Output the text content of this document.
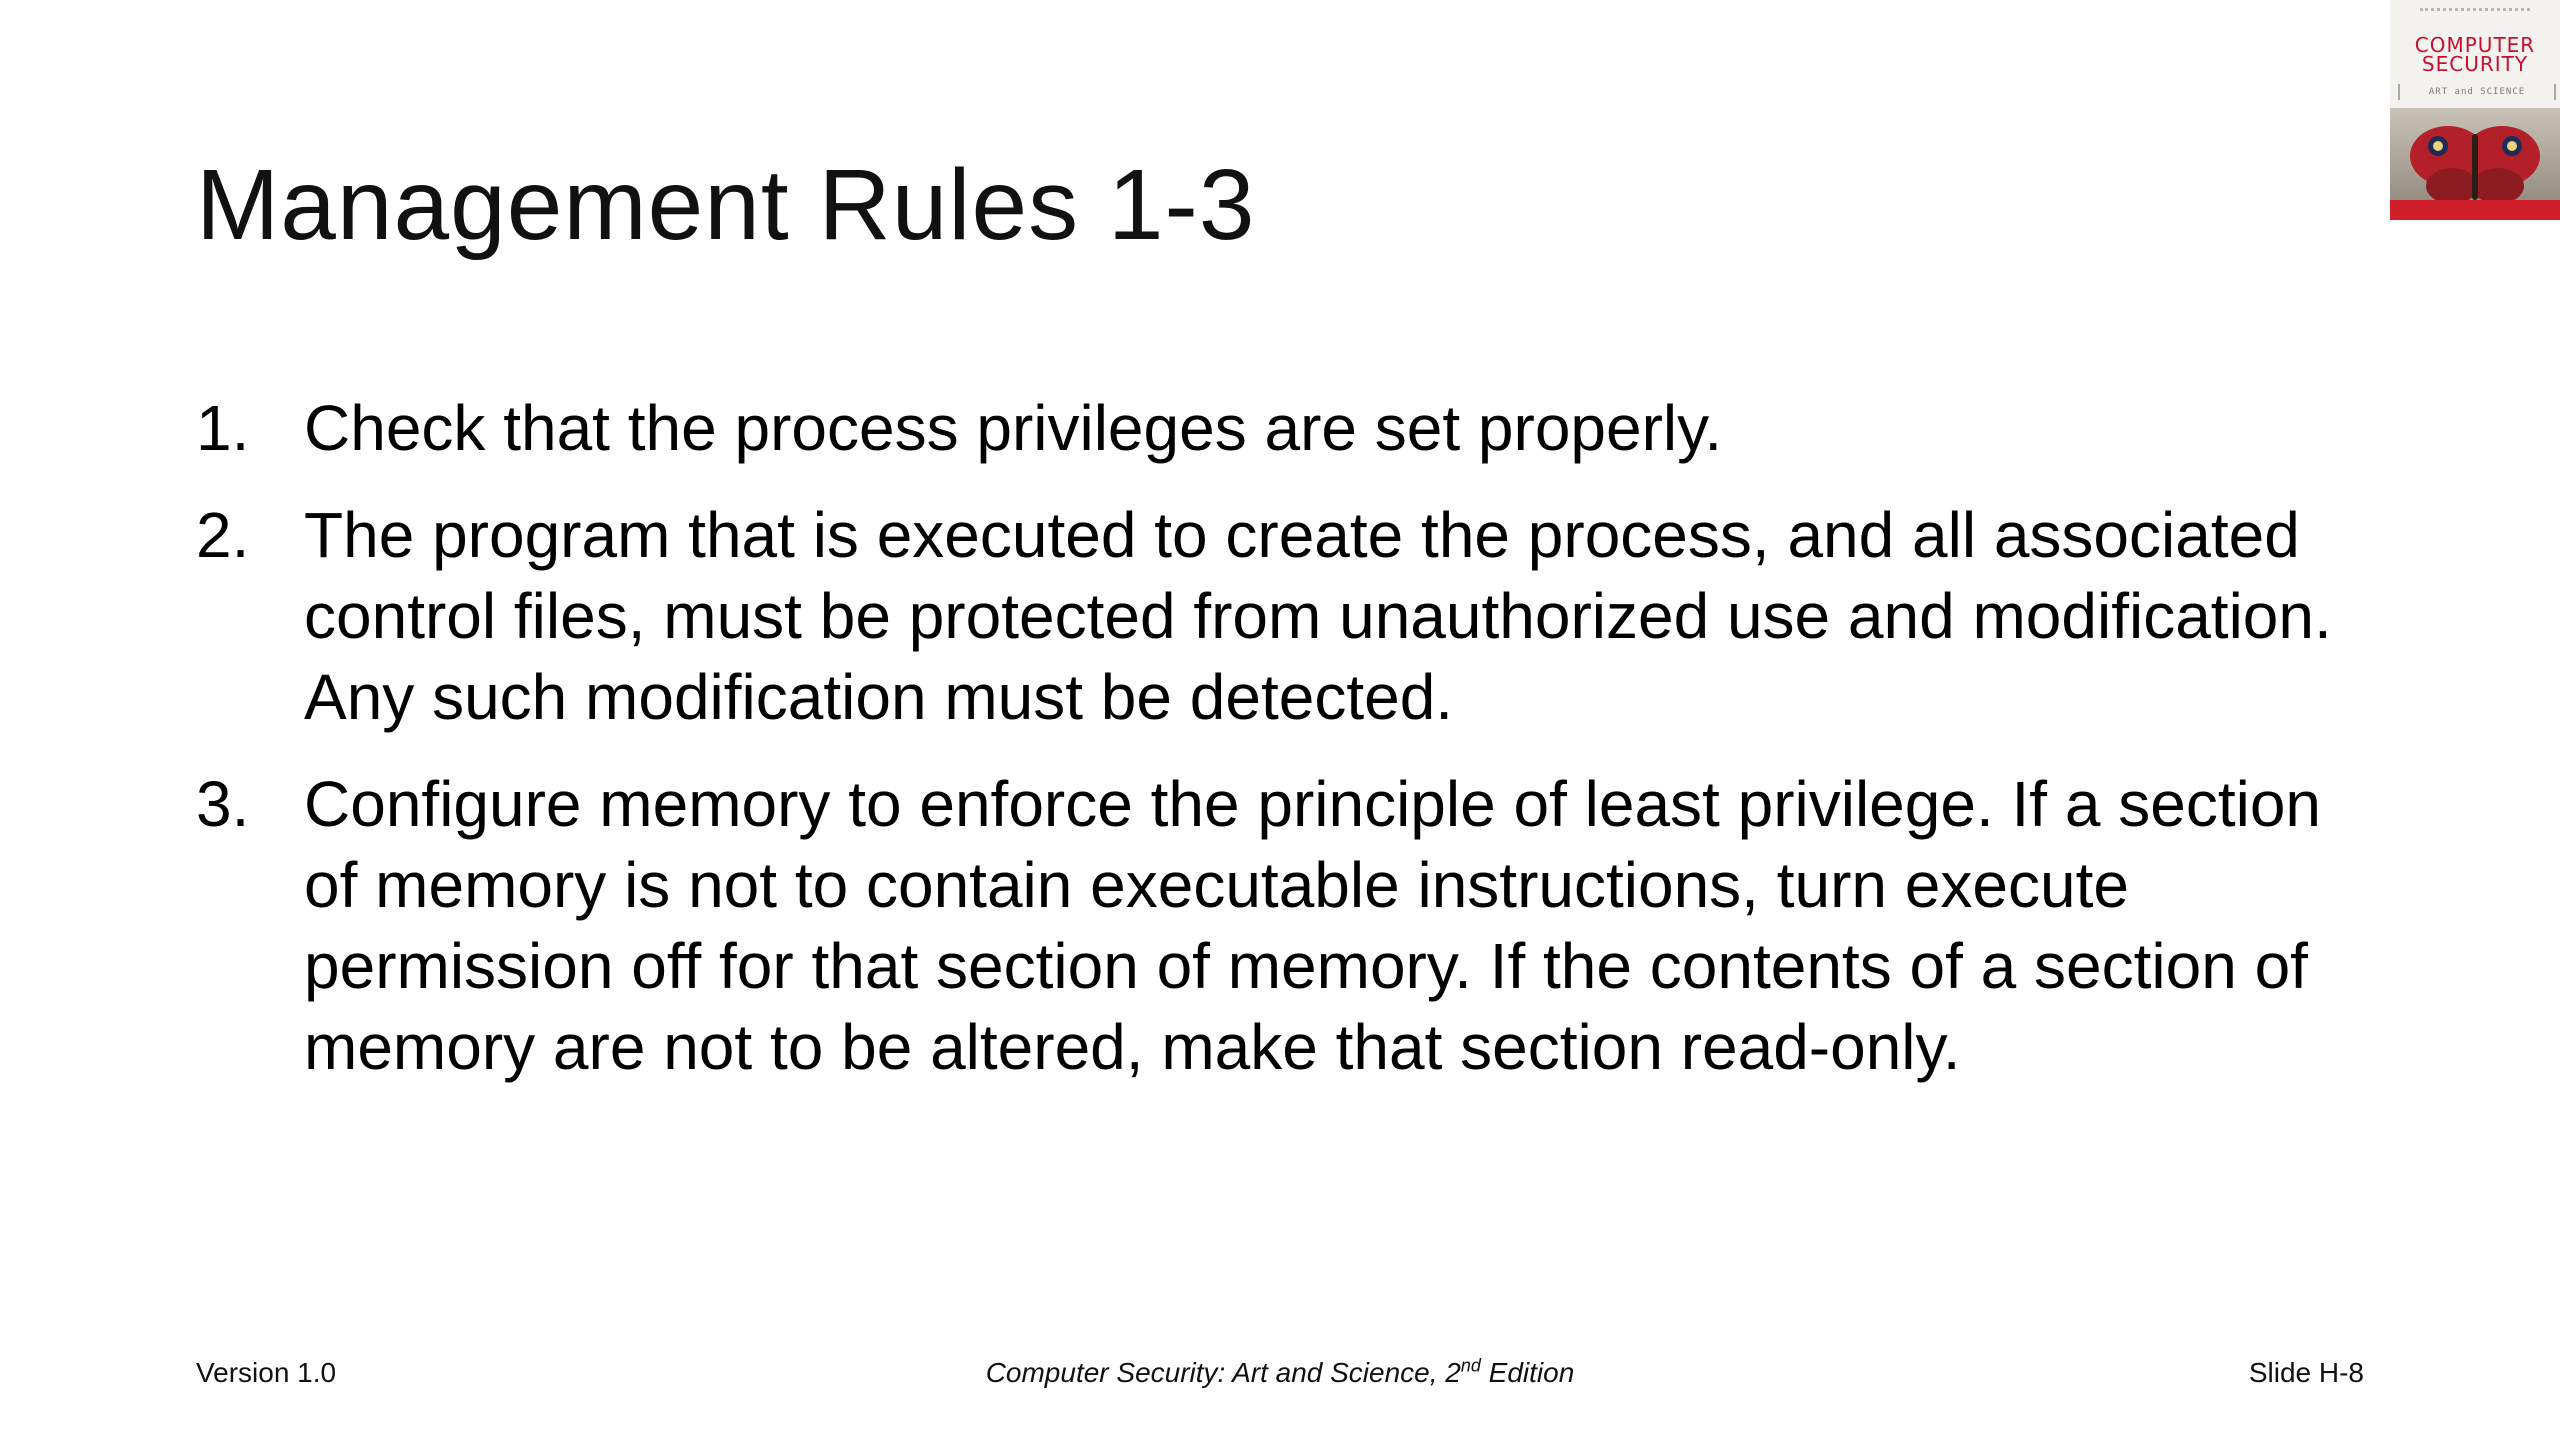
Management Rules 1-3
1. Check that the process privileges are set properly.
2. The program that is executed to create the process, and all associated control files, must be protected from unauthorized use and modification. Any such modification must be detected.
3. Configure memory to enforce the principle of least privilege. If a section of memory is not to contain executable instructions, turn execute permission off for that section of memory. If the contents of a section of memory are not to be altered, make that section read-only.
COMPUTER
SECURITY
ART and SCIENCE
Version 1.0	Computer Security: Art and Science, 2nd Edition	Slide H-8
